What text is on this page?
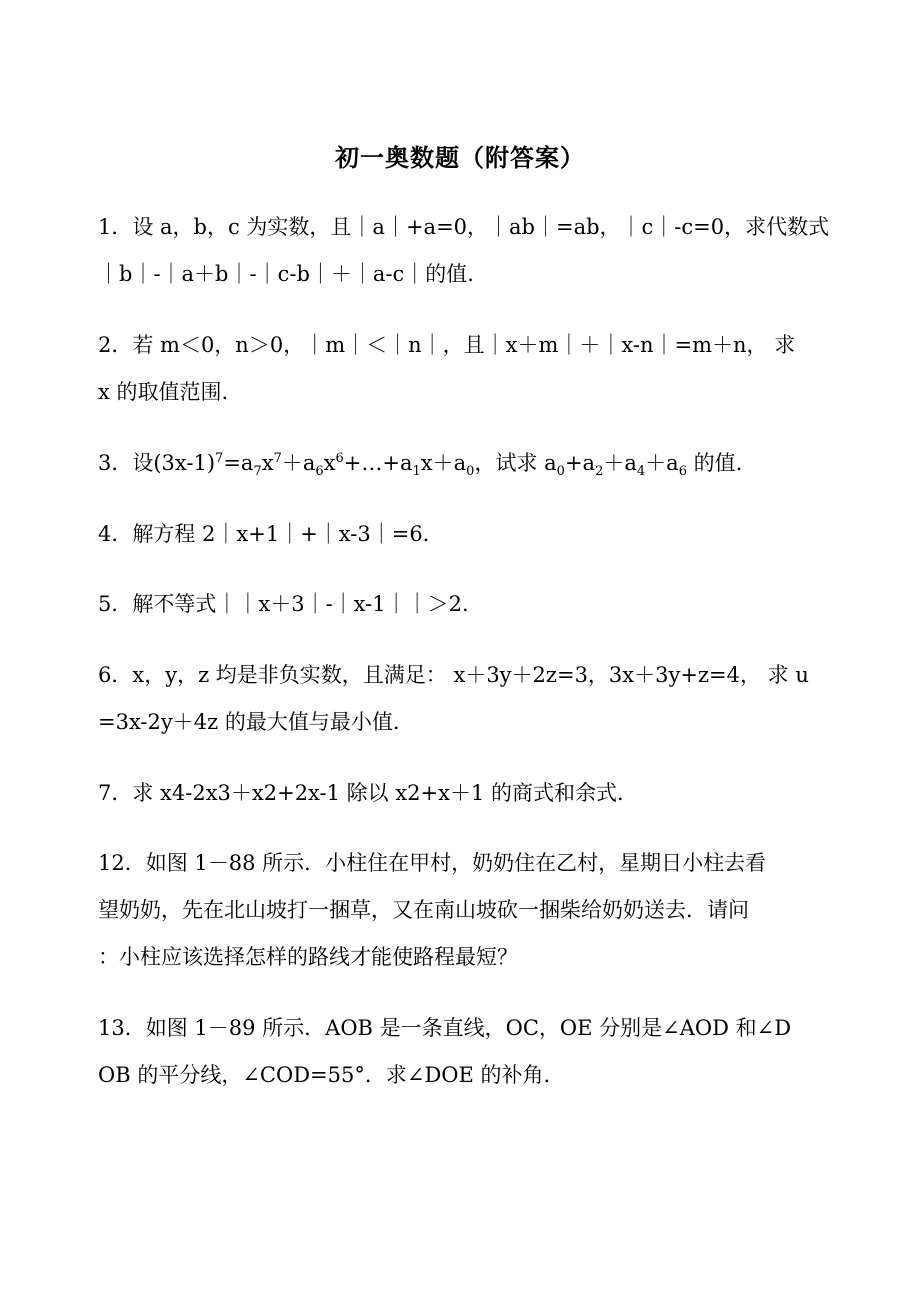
初一奥数题（附答案）
1．设 a，b，c 为实数，且｜a｜+a=0，｜ab｜=ab，｜c｜-c=0，求代数式
｜b｜-｜a＋b｜-｜c-b｜＋｜a-c｜的值.
2．若 m＜0，n＞0，｜m｜＜｜n｜，且｜x＋m｜＋｜x-n｜=m＋n， 求
x 的取值范围.
3．设$(3x-1)^7=a_7x^7+a_6x^6+\dots+a_1x+a_0$，试求 $a_0+a_2+a_4+a_6$ 的值.
4．解方程 2｜x+1｜+｜x-3｜=6.
5．解不等式｜｜x＋3｜-｜x-1｜｜＞2.
6．x，y，z 均是非负实数，且满足： x＋3y＋2z=3，3x＋3y+z=4， 求 u
=3x-2y＋4z 的最大值与最小值.
7．求 x4-2x3＋x2+2x-1 除以 x2+x＋1 的商式和余式.
12．如图 1－88 所示．小柱住在甲村，奶奶住在乙村，星期日小柱去看
望奶奶，先在北山坡打一捆草，又在南山坡砍一捆柴给奶奶送去．请问
：小柱应该选择怎样的路线才能使路程最短？
13．如图 1－89 所示．AOB 是一条直线，OC，OE 分别是∠AOD 和∠D
OB 的平分线，∠COD=55°．求∠DOE 的补角.
